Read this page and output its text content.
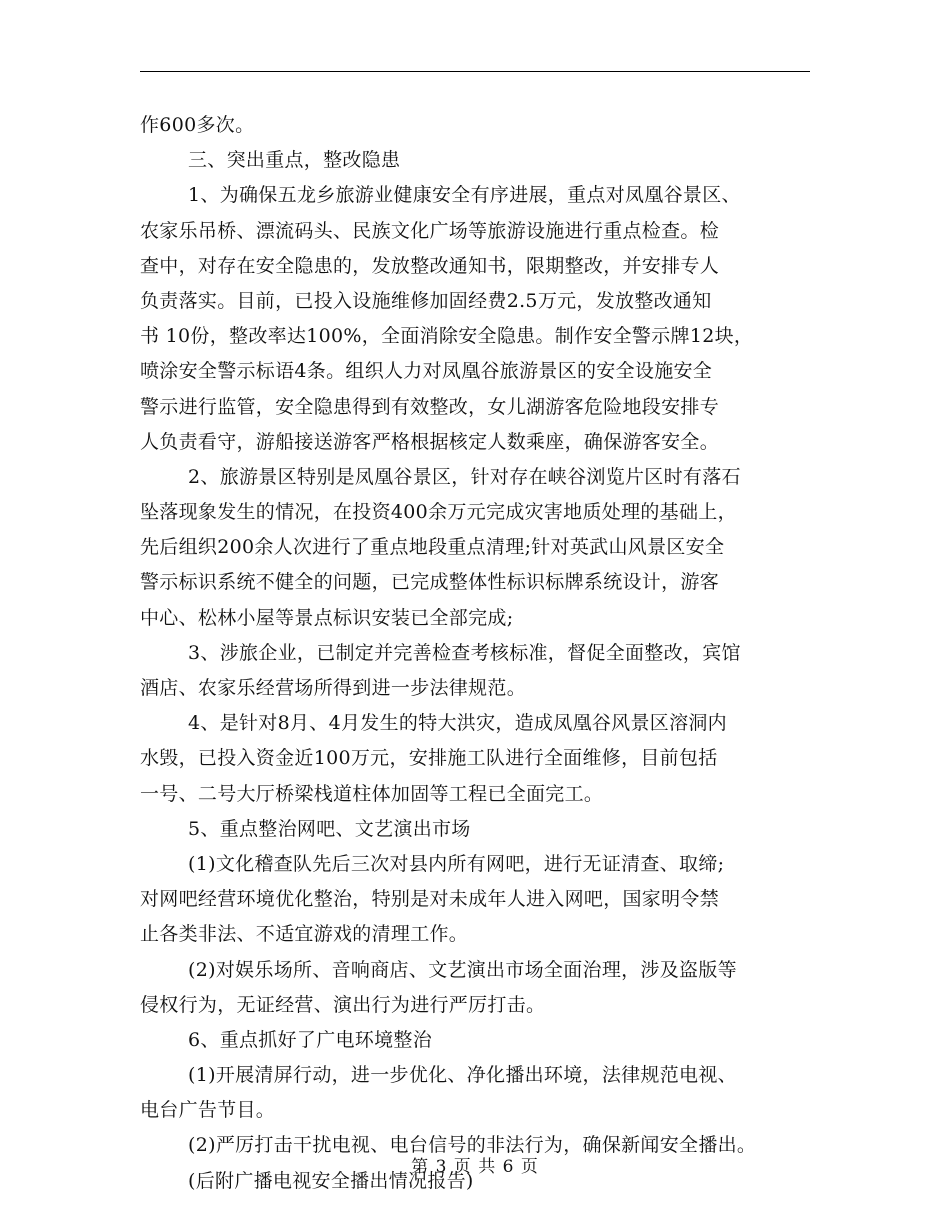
作600多次。
三、突出重点，整改隐患
1、为确保五龙乡旅游业健康安全有序进展，重点对凤凰谷景区、
农家乐吊桥、漂流码头、民族文化广场等旅游设施进行重点检查。检
查中，对存在安全隐患的，发放整改通知书，限期整改，并安排专人
负责落实。目前，已投入设施维修加固经费2.5万元，发放整改通知
书 10份，整改率达100%，全面消除安全隐患。制作安全警示牌12块，
喷涂安全警示标语4条。组织人力对凤凰谷旅游景区的安全设施安全
警示进行监管，安全隐患得到有效整改，女儿湖游客危险地段安排专
人负责看守，游船接送游客严格根据核定人数乘座，确保游客安全。
2、旅游景区特别是凤凰谷景区，针对存在峡谷浏览片区时有落石
坠落现象发生的情况，在投资400余万元完成灾害地质处理的基础上，
先后组织200余人次进行了重点地段重点清理;针对英武山风景区安全
警示标识系统不健全的问题，已完成整体性标识标牌系统设计，游客
中心、松林小屋等景点标识安装已全部完成;
3、涉旅企业，已制定并完善检查考核标准，督促全面整改，宾馆
酒店、农家乐经营场所得到进一步法律规范。
4、是针对8月、4月发生的特大洪灾，造成凤凰谷风景区溶洞内
水毁，已投入资金近100万元，安排施工队进行全面维修，目前包括
一号、二号大厅桥梁栈道柱体加固等工程已全面完工。
5、重点整治网吧、文艺演出市场
(1)文化稽查队先后三次对县内所有网吧，进行无证清查、取缔;
对网吧经营环境优化整治，特别是对未成年人进入网吧，国家明令禁
止各类非法、不适宜游戏的清理工作。
(2)对娱乐场所、音响商店、文艺演出市场全面治理，涉及盗版等
侵权行为，无证经营、演出行为进行严厉打击。
6、重点抓好了广电环境整治
(1)开展清屏行动，进一步优化、净化播出环境，法律规范电视、
电台广告节目。
(2)严厉打击干扰电视、电台信号的非法行为，确保新闻安全播出。
(后附广播电视安全播出情况报告)
第 3 页 共 6 页
